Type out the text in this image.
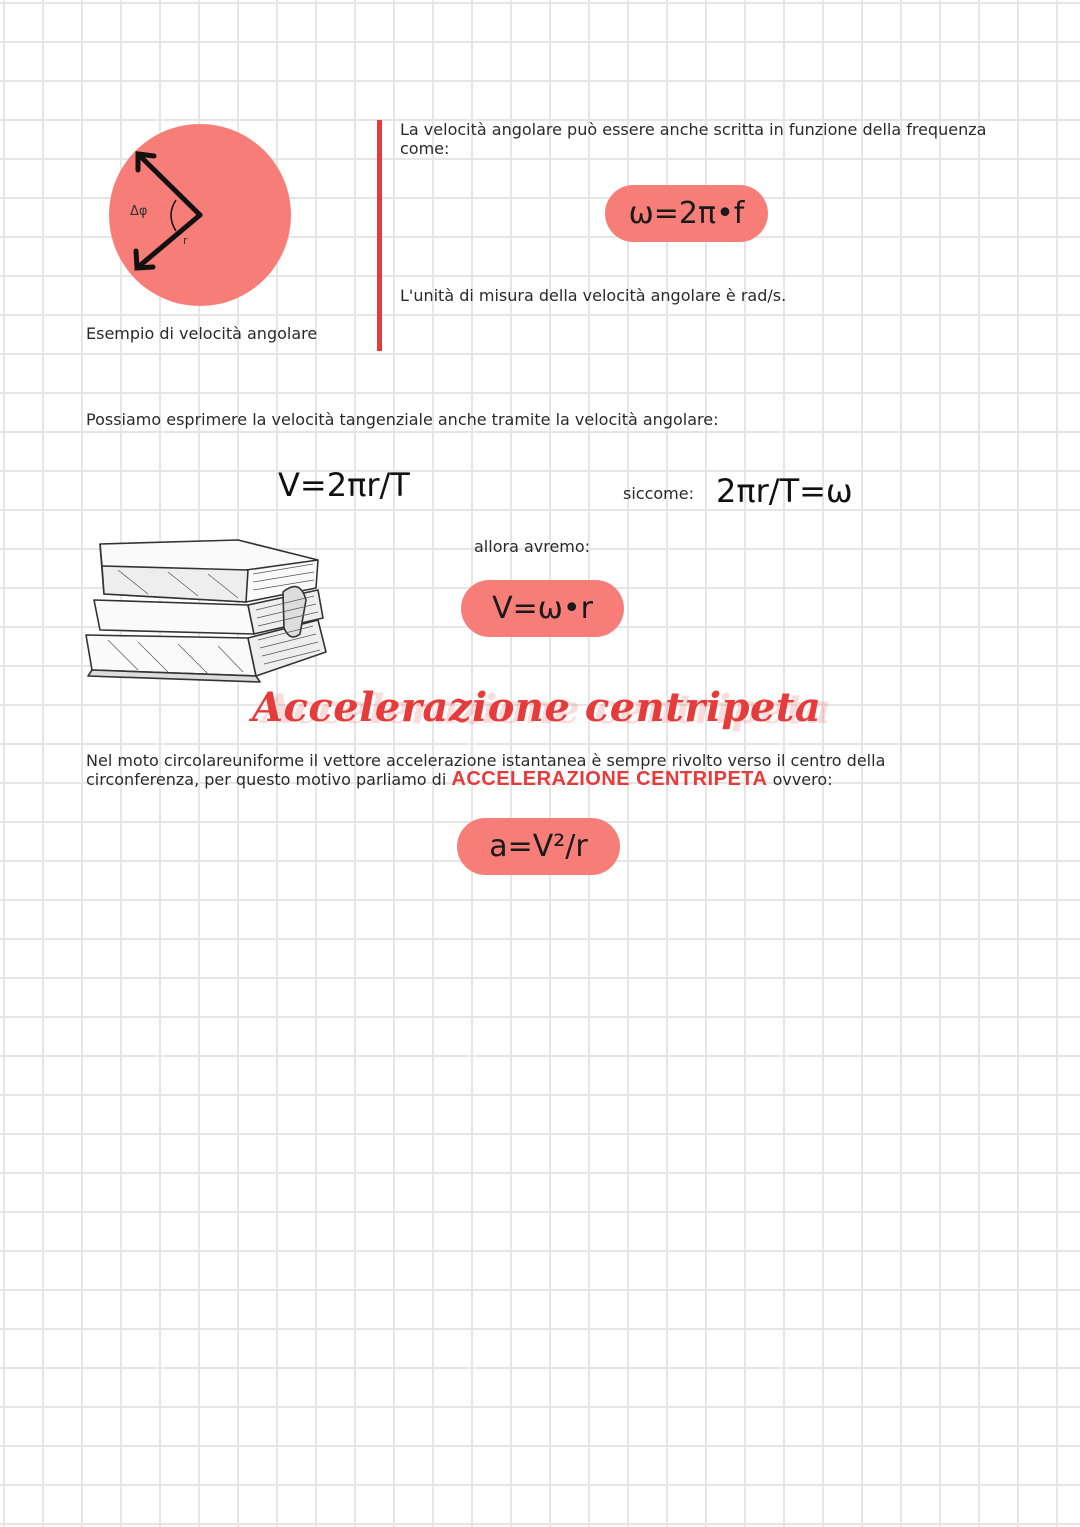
Δφ
r
Esempio di velocità angolare
La velocità angolare può essere anche scritta in funzione della frequenza come:
ω=2π•f
L'unità di misura della velocità angolare è rad/s.
Possiamo esprimere la velocità tangenziale anche tramite la velocità angolare:
V=2πr/T	siccome: 2πr/T=ω
allora avremo:
V=ω•r
Accelerazione centripeta
Nel moto circolareuniforme il vettore accelerazione istantanea è sempre rivolto verso il centro della circonferenza, per questo motivo parliamo di ACCELERAZIONE CENTRIPETA ovvero:
a=V²/r
